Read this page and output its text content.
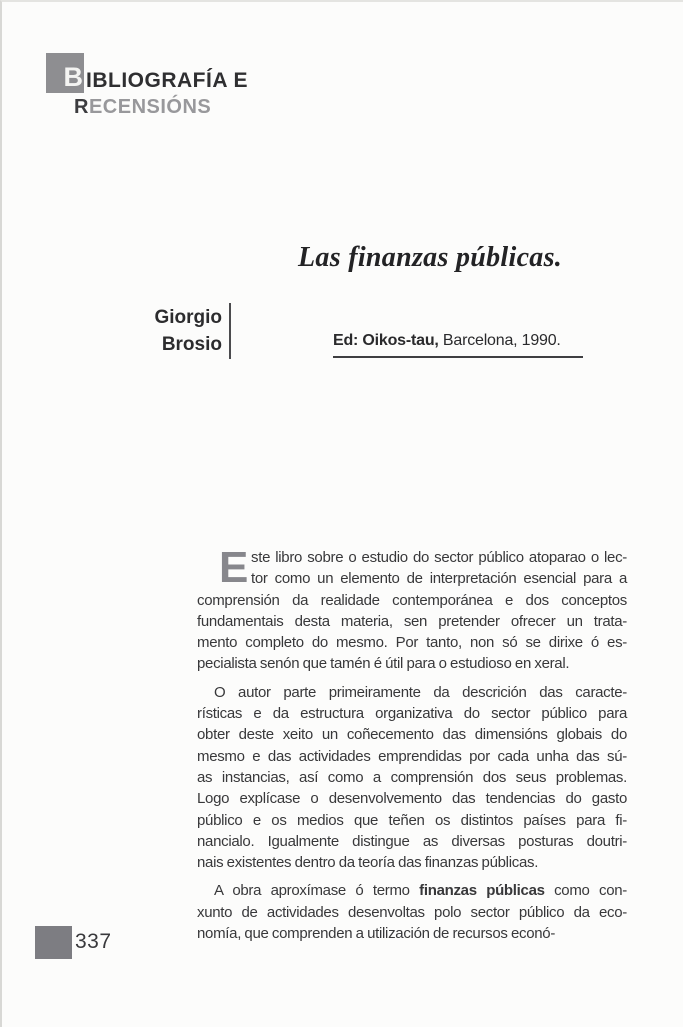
B IBLIOGRAFÍA E
RECENSIÓNS
Las finanzas públicas.
Giorgio
Brosio	Ed: Oikos-tau, Barcelona, 1990.
E ste libro sobre o estudio do sector público atoparao o lec-
tor como un elemento de interpretación esencial para a
comprensión da realidade contemporánea e dos conceptos
fundamentais desta materia, sen pretender ofrecer un trata-
mento completo do mesmo. Por tanto, non só se dirixe ó es-
pecialista senón que tamén é útil para o estudioso en xeral.
O autor parte primeiramente da descrición das caracte-
rísticas e da estructura organizativa do sector público para
obter deste xeito un coñecemento das dimensións globais do
mesmo e das actividades emprendidas por cada unha das sú-
as instancias, así como a comprensión dos seus problemas.
Logo explícase o desenvolvemento das tendencias do gasto
público e os medios que teñen os distintos países para fi-
nancialo. Igualmente distingue as diversas posturas doutri-
nais existentes dentro da teoría das finanzas públicas.
A obra aproxímase ó termo finanzas públicas como con-
xunto de actividades desenvoltas polo sector público da eco-
nomía, que comprenden a utilización de recursos econó-
337
